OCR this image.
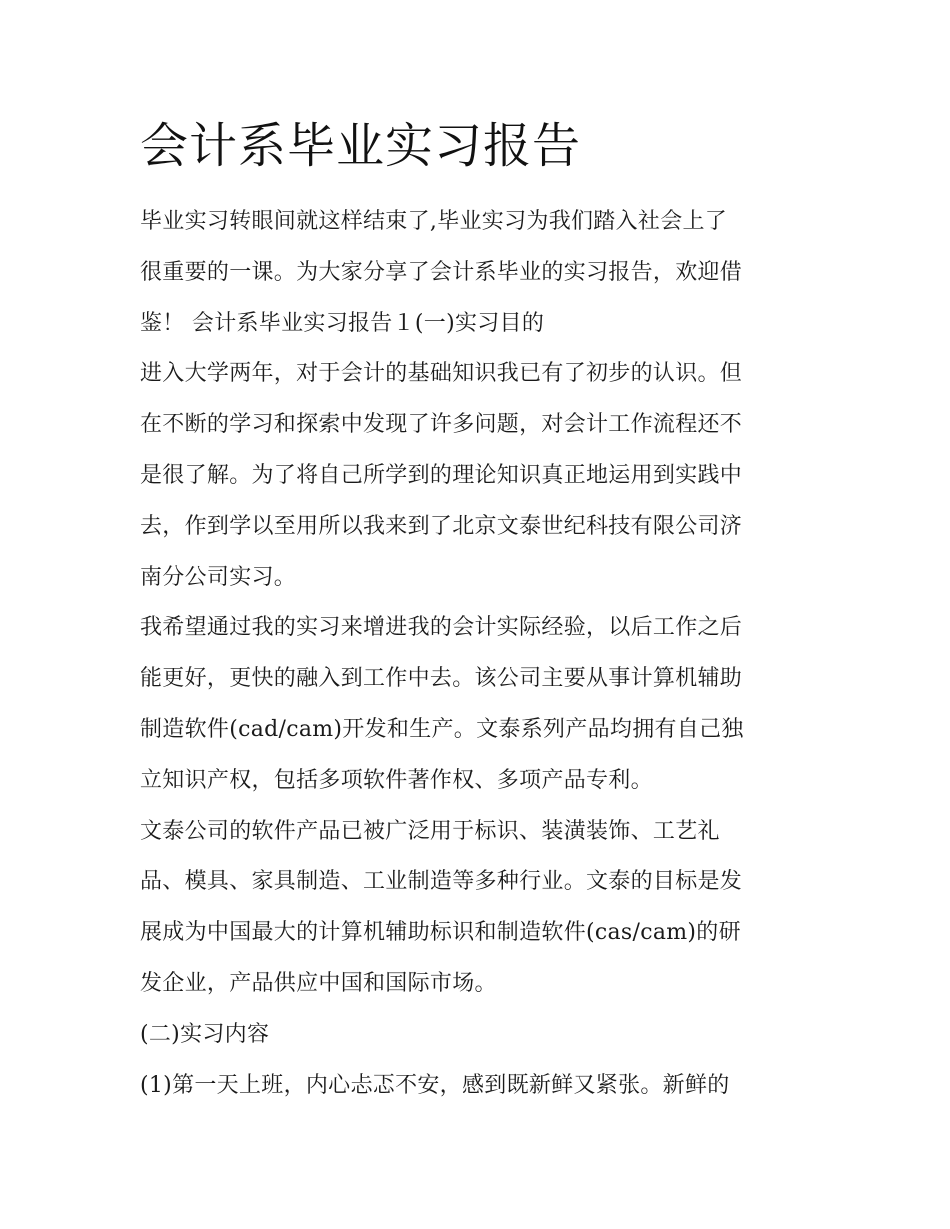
会计系毕业实习报告
毕业实习转眼间就这样结束了,毕业实习为我们踏入社会上了
很重要的一课。为大家分享了会计系毕业的实习报告，欢迎借
鉴！ 会计系毕业实习报告１(一)实习目的
进入大学两年，对于会计的基础知识我已有了初步的认识。但
在不断的学习和探索中发现了许多问题，对会计工作流程还不
是很了解。为了将自己所学到的理论知识真正地运用到实践中
去，作到学以至用所以我来到了北京文泰世纪科技有限公司济
南分公司实习。
我希望通过我的实习来增进我的会计实际经验，以后工作之后
能更好，更快的融入到工作中去。该公司主要从事计算机辅助
制造软件(cad/cam)开发和生产。文泰系列产品均拥有自己独
立知识产权，包括多项软件著作权、多项产品专利。
文泰公司的软件产品已被广泛用于标识、装潢装饰、工艺礼
品、模具、家具制造、工业制造等多种行业。文泰的目标是发
展成为中国最大的计算机辅助标识和制造软件(cas/cam)的研
发企业，产品供应中国和国际市场。
(二)实习内容
(1)第一天上班，内心忐忑不安，感到既新鲜又紧张。新鲜的
